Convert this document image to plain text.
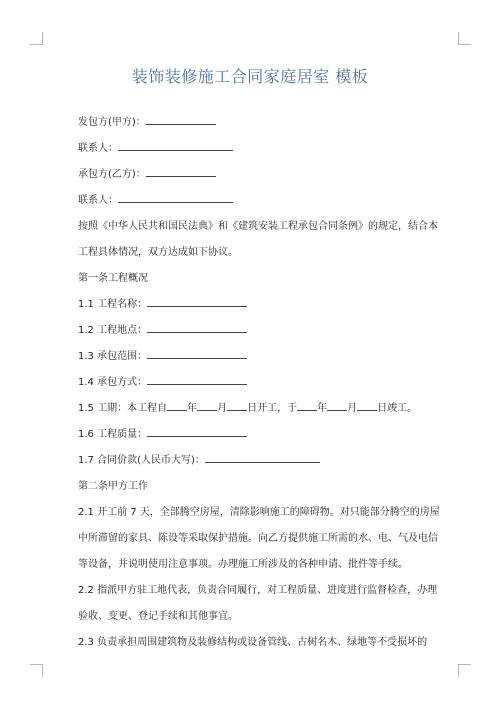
装饰装修施工合同家庭居室 模板
发包方(甲方)：
联系人：
承包方(乙方)：
联系人：
按照《中华人民共和国民法典》和《建筑安装工程承包合同条例》的规定，结合本工程具体情况，双方达成如下协议。
第一条工程概况
1.1 工程名称：
1.2 工程地点：
1.3 承包范围：
1.4 承包方式：
1.5 工期：本工程自 年 月 日开工，于 年 月 日竣工。
1.6 工程质量：
1.7 合同价款(人民币大写)：
第二条甲方工作
2.1 开工前 7 天，全部腾空房屋，清除影响施工的障碍物。对只能部分腾空的房屋中所滞留的家具、陈设等采取保护措施。向乙方提供施工所需的水、电、气及电信等设备，并说明使用注意事项。办理施工所涉及的各种申请、批件等手续。
2.2 指派甲方驻工地代表，负责合同履行，对工程质量、进度进行监督检查，办理验收、变更、登记手续和其他事宜。
2.3 负责承担周围建筑物及装修结构或设备管线、古树名木、绿地等不受损坏的
